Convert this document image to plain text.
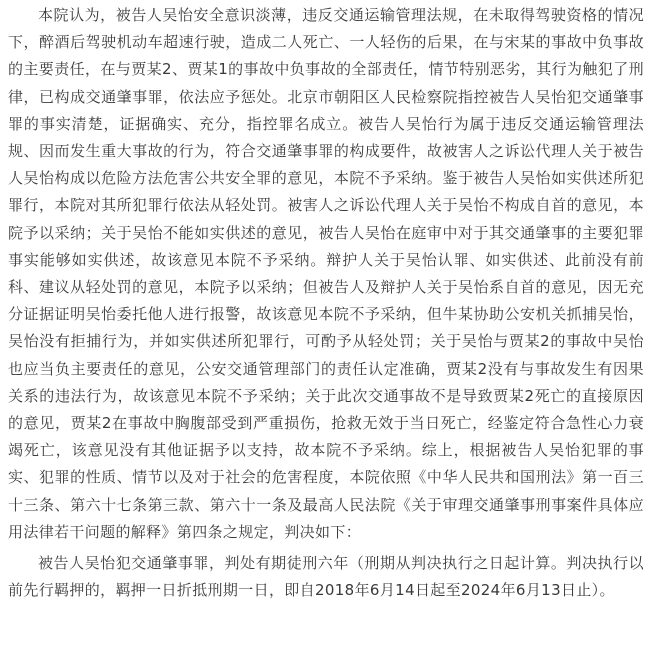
本院认为，被告人吴怡安全意识淡薄，违反交通运输管理法规，在未取得驾驶资格的情况下，醉酒后驾驶机动车超速行驶，造成二人死亡、一人轻伤的后果，在与宋某的事故中负事故的主要责任，在与贾某2、贾某1的事故中负事故的全部责任，情节特别恶劣，其行为触犯了刑律，已构成交通肇事罪，依法应予惩处。北京市朝阳区人民检察院指控被告人吴怡犯交通肇事罪的事实清楚，证据确实、充分，指控罪名成立。被告人吴怡行为属于违反交通运输管理法规、因而发生重大事故的行为，符合交通肇事罪的构成要件，故被害人之诉讼代理人关于被告人吴怡构成以危险方法危害公共安全罪的意见，本院不予采纳。鉴于被告人吴怡如实供述所犯罪行，本院对其所犯罪行依法从轻处罚。被害人之诉讼代理人关于吴怡不构成自首的意见，本院予以采纳；关于吴怡不能如实供述的意见，被告人吴怡在庭审中对于其交通肇事的主要犯罪事实能够如实供述，故该意见本院不予采纳。辩护人关于吴怡认罪、如实供述、此前没有前科、建议从轻处罚的意见，本院予以采纳；但被告人及辩护人关于吴怡系自首的意见，因无充分证据证明吴怡委托他人进行报警，故该意见本院不予采纳，但牛某协助公安机关抓捕吴怡，吴怡没有拒捕行为，并如实供述所犯罪行，可酌予从轻处罚；关于吴怡与贾某2的事故中吴怡也应当负主要责任的意见，公安交通管理部门的责任认定准确，贾某2没有与事故发生有因果关系的违法行为，故该意见本院不予采纳；关于此次交通事故不是导致贾某2死亡的直接原因的意见，贾某2在事故中胸腹部受到严重损伤，抢救无效于当日死亡，经鉴定符合急性心力衰竭死亡，该意见没有其他证据予以支持，故本院不予采纳。综上，根据被告人吴怡犯罪的事实、犯罪的性质、情节以及对于社会的危害程度，本院依照《中华人民共和国刑法》第一百三十三条、第六十七条第三款、第六十一条及最高人民法院《关于审理交通肇事刑事案件具体应用法律若干问题的解释》第四条之规定，判决如下：

被告人吴怡犯交通肇事罪，判处有期徒刑六年（刑期从判决执行之日起计算。判决执行以前先行羁押的，羁押一日折抵刑期一日，即自2018年6月14日起至2024年6月13日止）。
